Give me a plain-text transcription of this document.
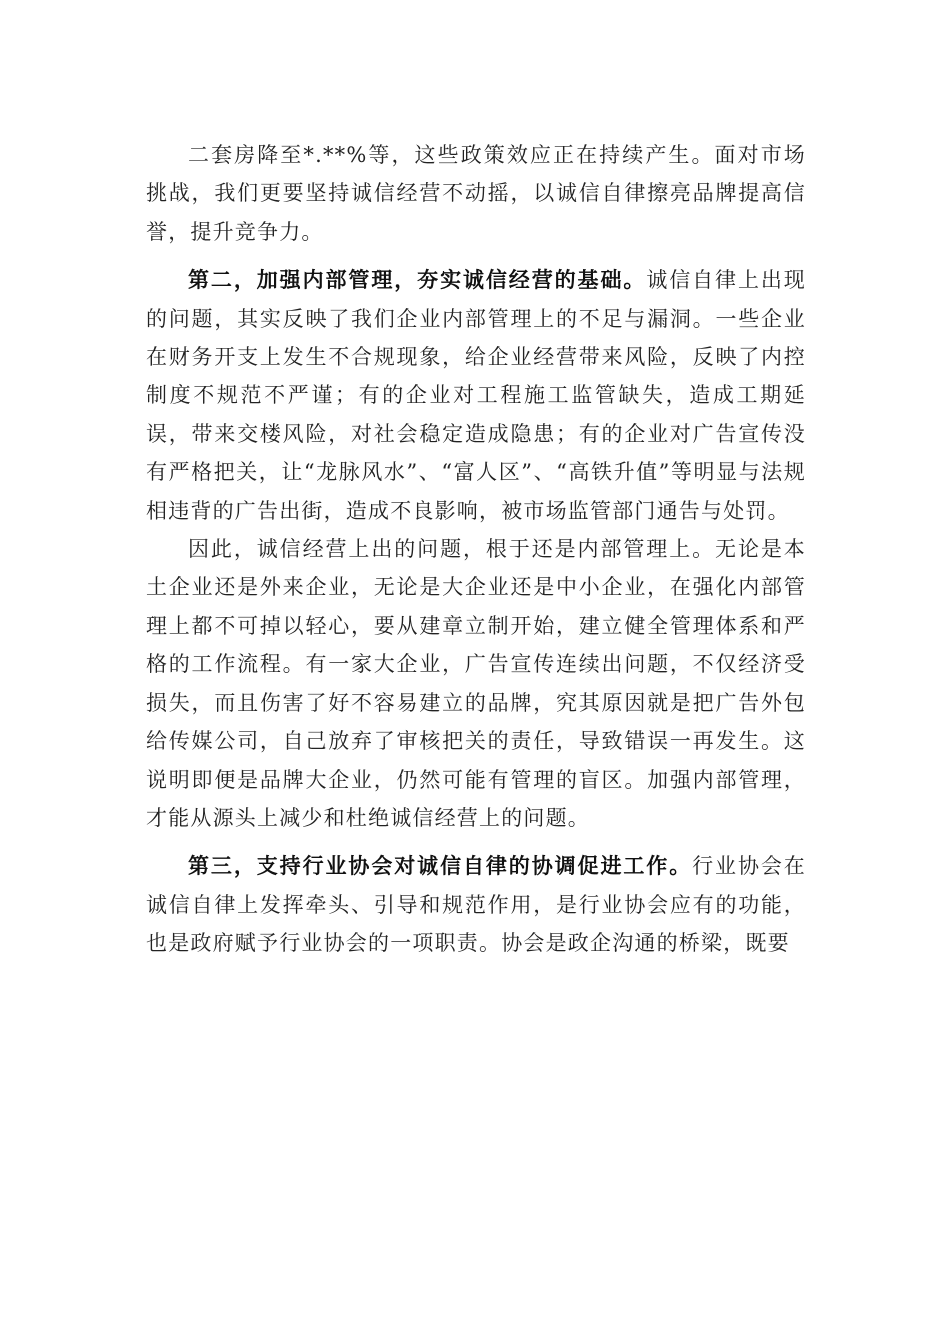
二套房降至*.**%等，这些政策效应正在持续产生。面对市场挑战，我们更要坚持诚信经营不动摇，以诚信自律擦亮品牌提高信誉，提升竞争力。

第二，加强内部管理，夯实诚信经营的基础。诚信自律上出现的问题，其实反映了我们企业内部管理上的不足与漏洞。一些企业在财务开支上发生不合规现象，给企业经营带来风险，反映了内控制度不规范不严谨；有的企业对工程施工监管缺失，造成工期延误，带来交楼风险，对社会稳定造成隐患；有的企业对广告宣传没有严格把关，让“龙脉风水”、“富人区”、“高铁升值”等明显与法规相违背的广告出街，造成不良影响，被市场监管部门通告与处罚。

因此，诚信经营上出的问题，根于还是内部管理上。无论是本土企业还是外来企业，无论是大企业还是中小企业，在强化内部管理上都不可掉以轻心，要从建章立制开始，建立健全管理体系和严格的工作流程。有一家大企业，广告宣传连续出问题，不仅经济受损失，而且伤害了好不容易建立的品牌，究其原因就是把广告外包给传媒公司，自己放弃了审核把关的责任，导致错误一再发生。这说明即便是品牌大企业，仍然可能有管理的盲区。加强内部管理，才能从源头上减少和杜绝诚信经营上的问题。

第三，支持行业协会对诚信自律的协调促进工作。行业协会在诚信自律上发挥牵头、引导和规范作用，是行业协会应有的功能，也是政府赋予行业协会的一项职责。协会是政企沟通的桥梁，既要
